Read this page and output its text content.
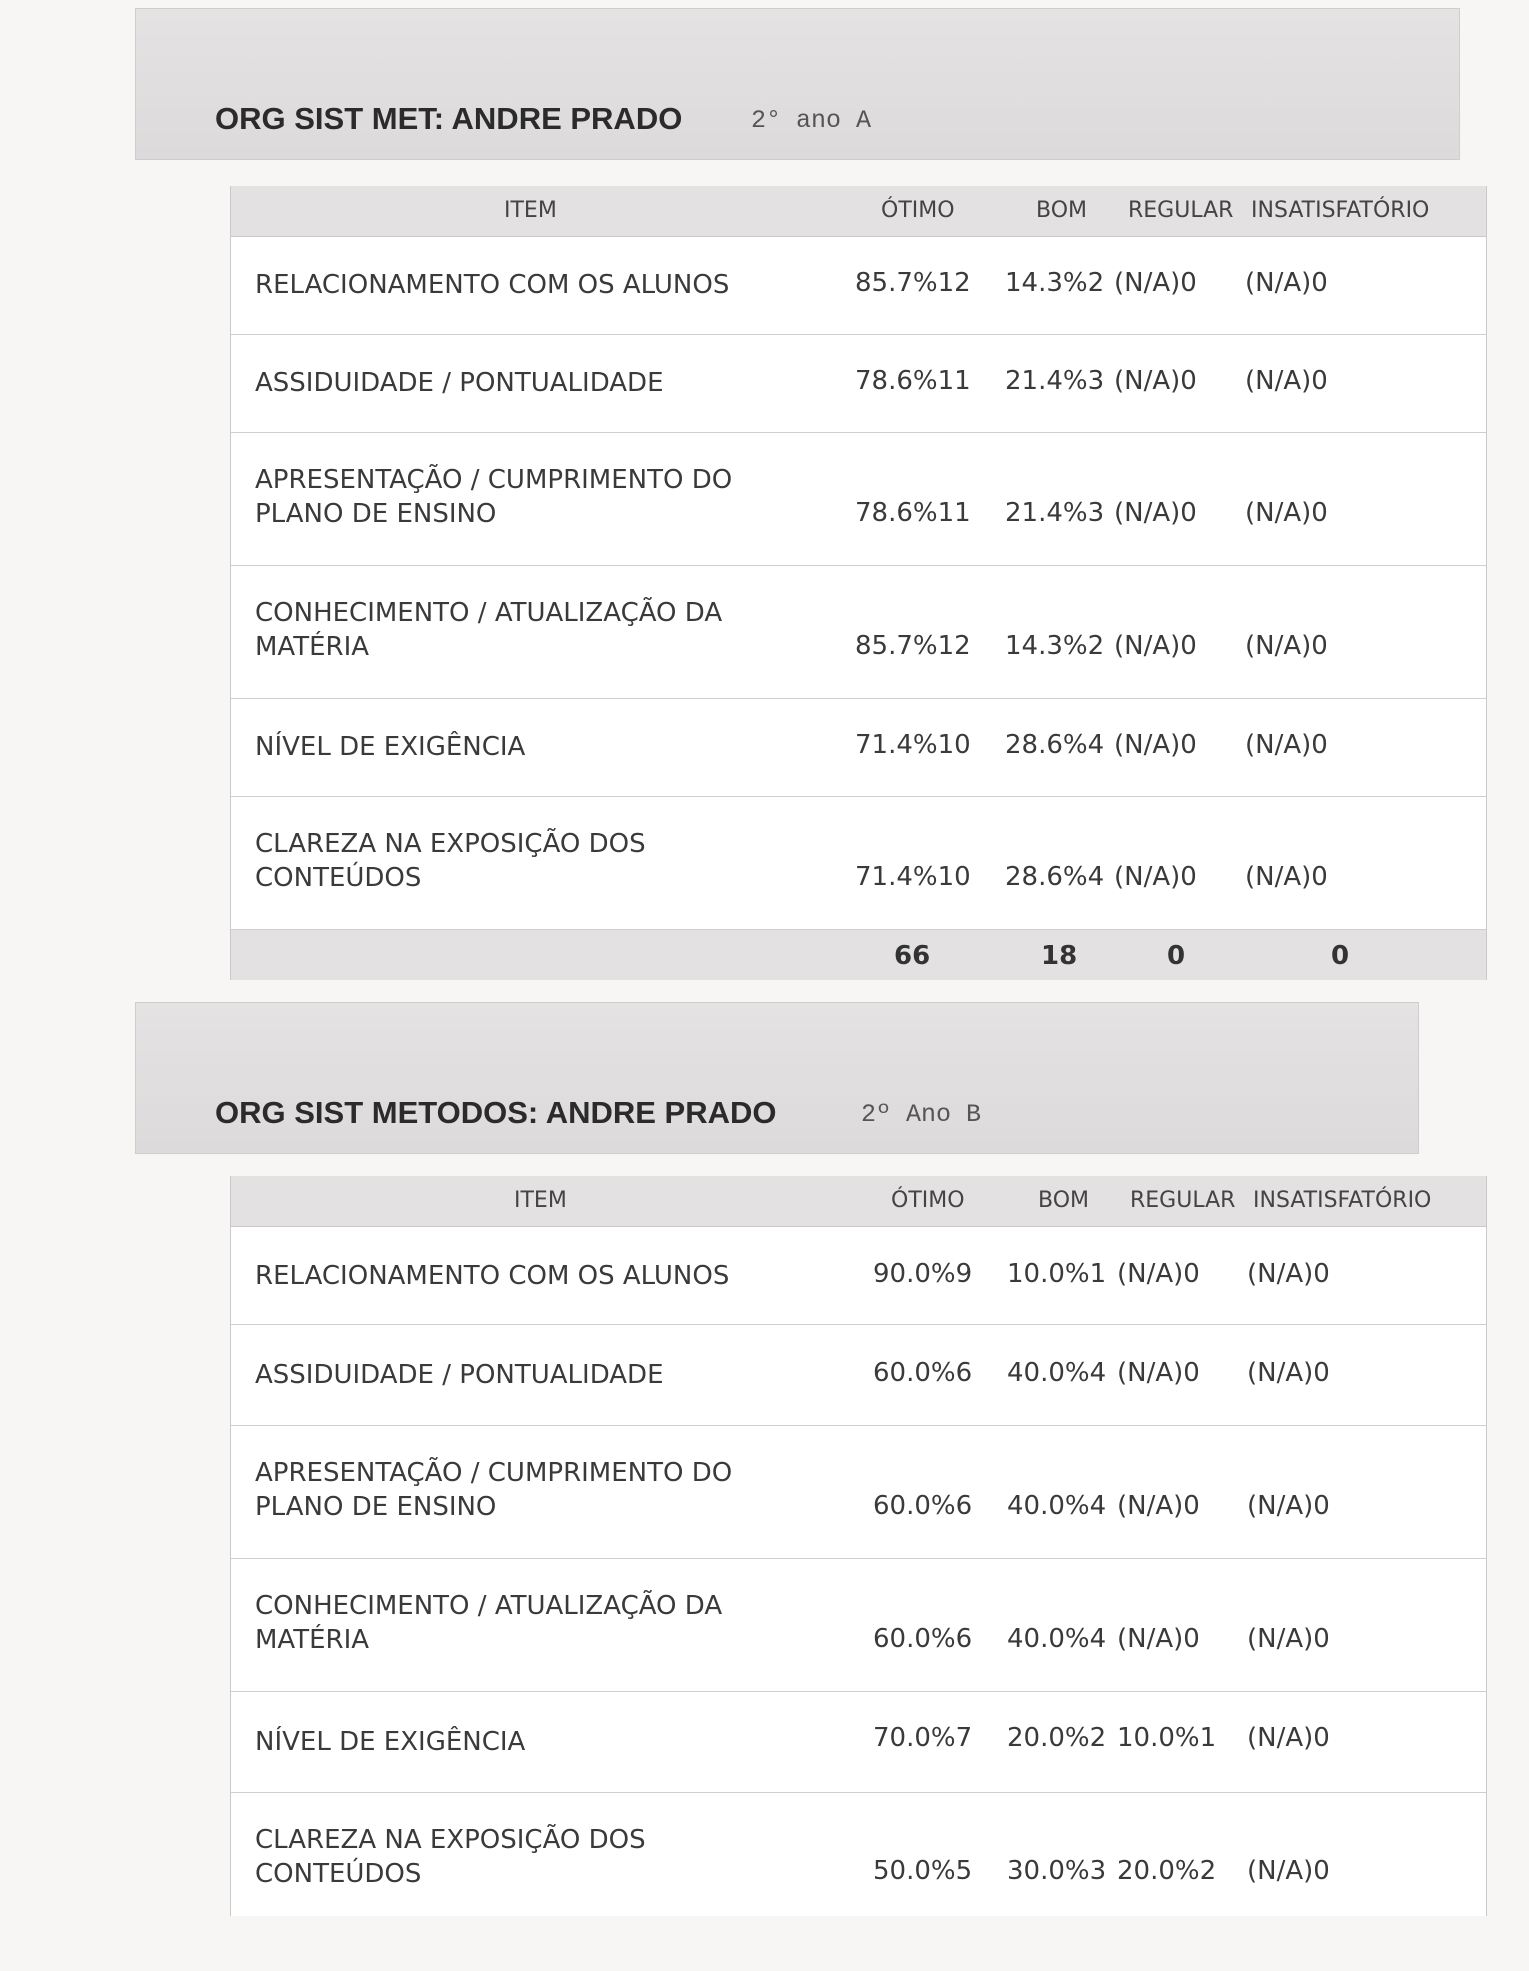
ORG SIST MET: ANDRE PRADO	2° ano A
ITEM	ÓTIMO	BOM REGULAR INSATISFATÓRIO
RELACIONAMENTO COM OS ALUNOS	85.7%12 14.3%2 (N/A)0 (N/A)0
ASSIDUIDADE / PONTUALIDADE	78.6%11 21.4%3 (N/A)0 (N/A)0
APRESENTAÇÃO / CUMPRIMENTO DO
PLANO DE ENSINO	78.6%11 21.4%3 (N/A)0 (N/A)0
CONHECIMENTO / ATUALIZAÇÃO DA
MATÉRIA	85.7%12 14.3%2 (N/A)0 (N/A)0
NÍVEL DE EXIGÊNCIA	71.4%10 28.6%4 (N/A)0 (N/A)0
CLAREZA NA EXPOSIÇÃO DOS
CONTEÚDOS	71.4%10 28.6%4 (N/A)0 (N/A)0
66	18	0	0
ORG SIST METODOS: ANDRE PRADO	2º Ano B
ITEM	ÓTIMO	BOM REGULAR INSATISFATÓRIO
RELACIONAMENTO COM OS ALUNOS	90.0%9 10.0%1 (N/A)0 (N/A)0
ASSIDUIDADE / PONTUALIDADE	60.0%6 40.0%4 (N/A)0 (N/A)0
APRESENTAÇÃO / CUMPRIMENTO DO
PLANO DE ENSINO	60.0%6 40.0%4 (N/A)0 (N/A)0
CONHECIMENTO / ATUALIZAÇÃO DA
MATÉRIA	60.0%6 40.0%4 (N/A)0 (N/A)0
NÍVEL DE EXIGÊNCIA	70.0%7 20.0%2 10.0%1 (N/A)0
CLAREZA NA EXPOSIÇÃO DOS
CONTEÚDOS	50.0%5 30.0%3 20.0%2 (N/A)0
